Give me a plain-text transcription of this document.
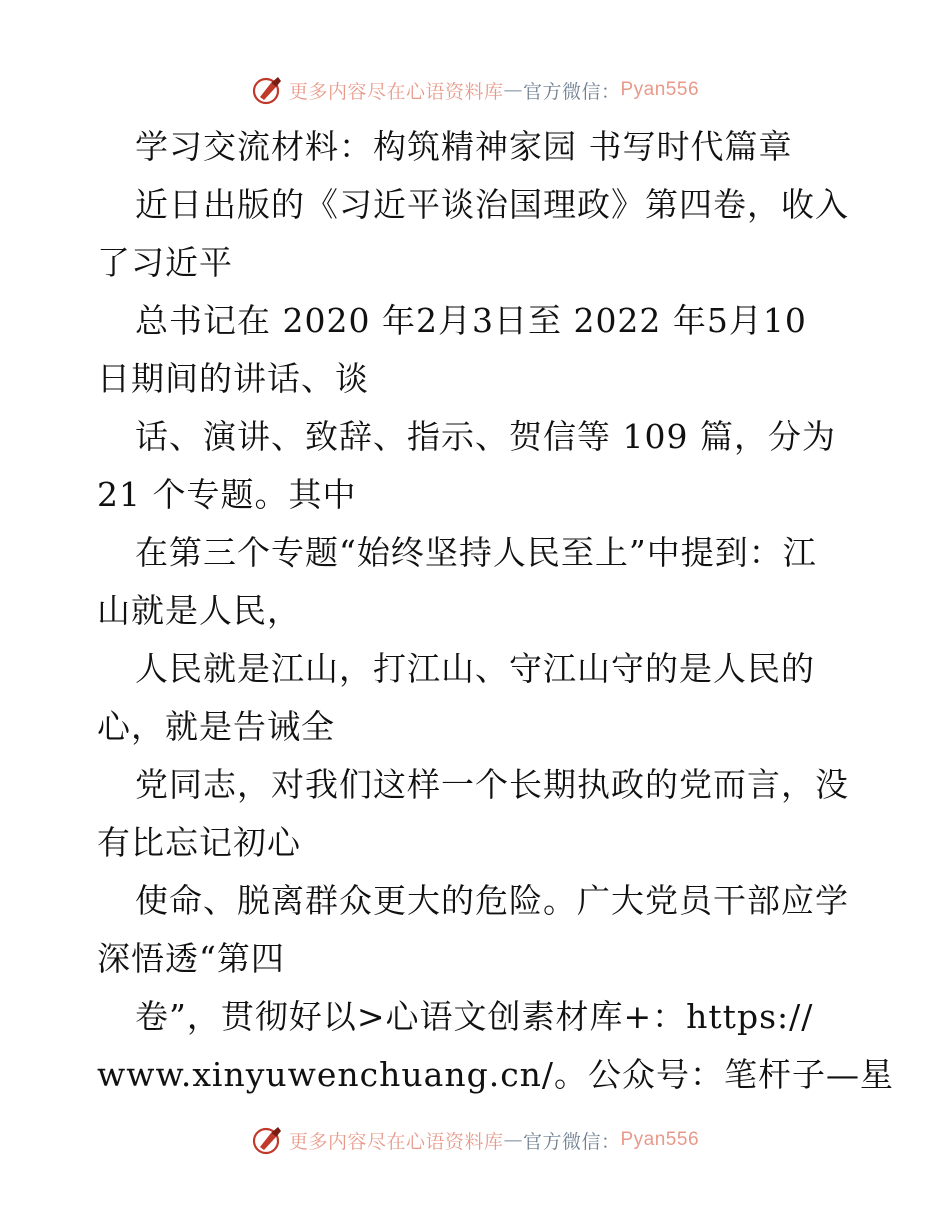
更多内容尽在心语资料库 — 官方微信： Pyan556
学习交流材料：构筑精神家园 书写时代篇章
近日出版的《习近平谈治国理政》第四卷，收入
了习近平
总书记在 2020 年2月3日至 2022 年5月10
日期间的讲话、谈
话、演讲、致辞、指示、贺信等 109 篇，分为
21 个专题。其中
在第三个专题“始终坚持人民至上”中提到：江
山就是人民，
人民就是江山，打江山、守江山守的是人民的
心，就是告诫全
党同志，对我们这样一个长期执政的党而言，没
有比忘记初心
使命、脱离群众更大的危险。广大党员干部应学
深悟透“第四
卷”，贯彻好以>心语文创素材库+：https://
www.xinyuwenchuang.cn/。公众号：笔杆子—星
更多内容尽在心语资料库 — 官方微信： Pyan556
